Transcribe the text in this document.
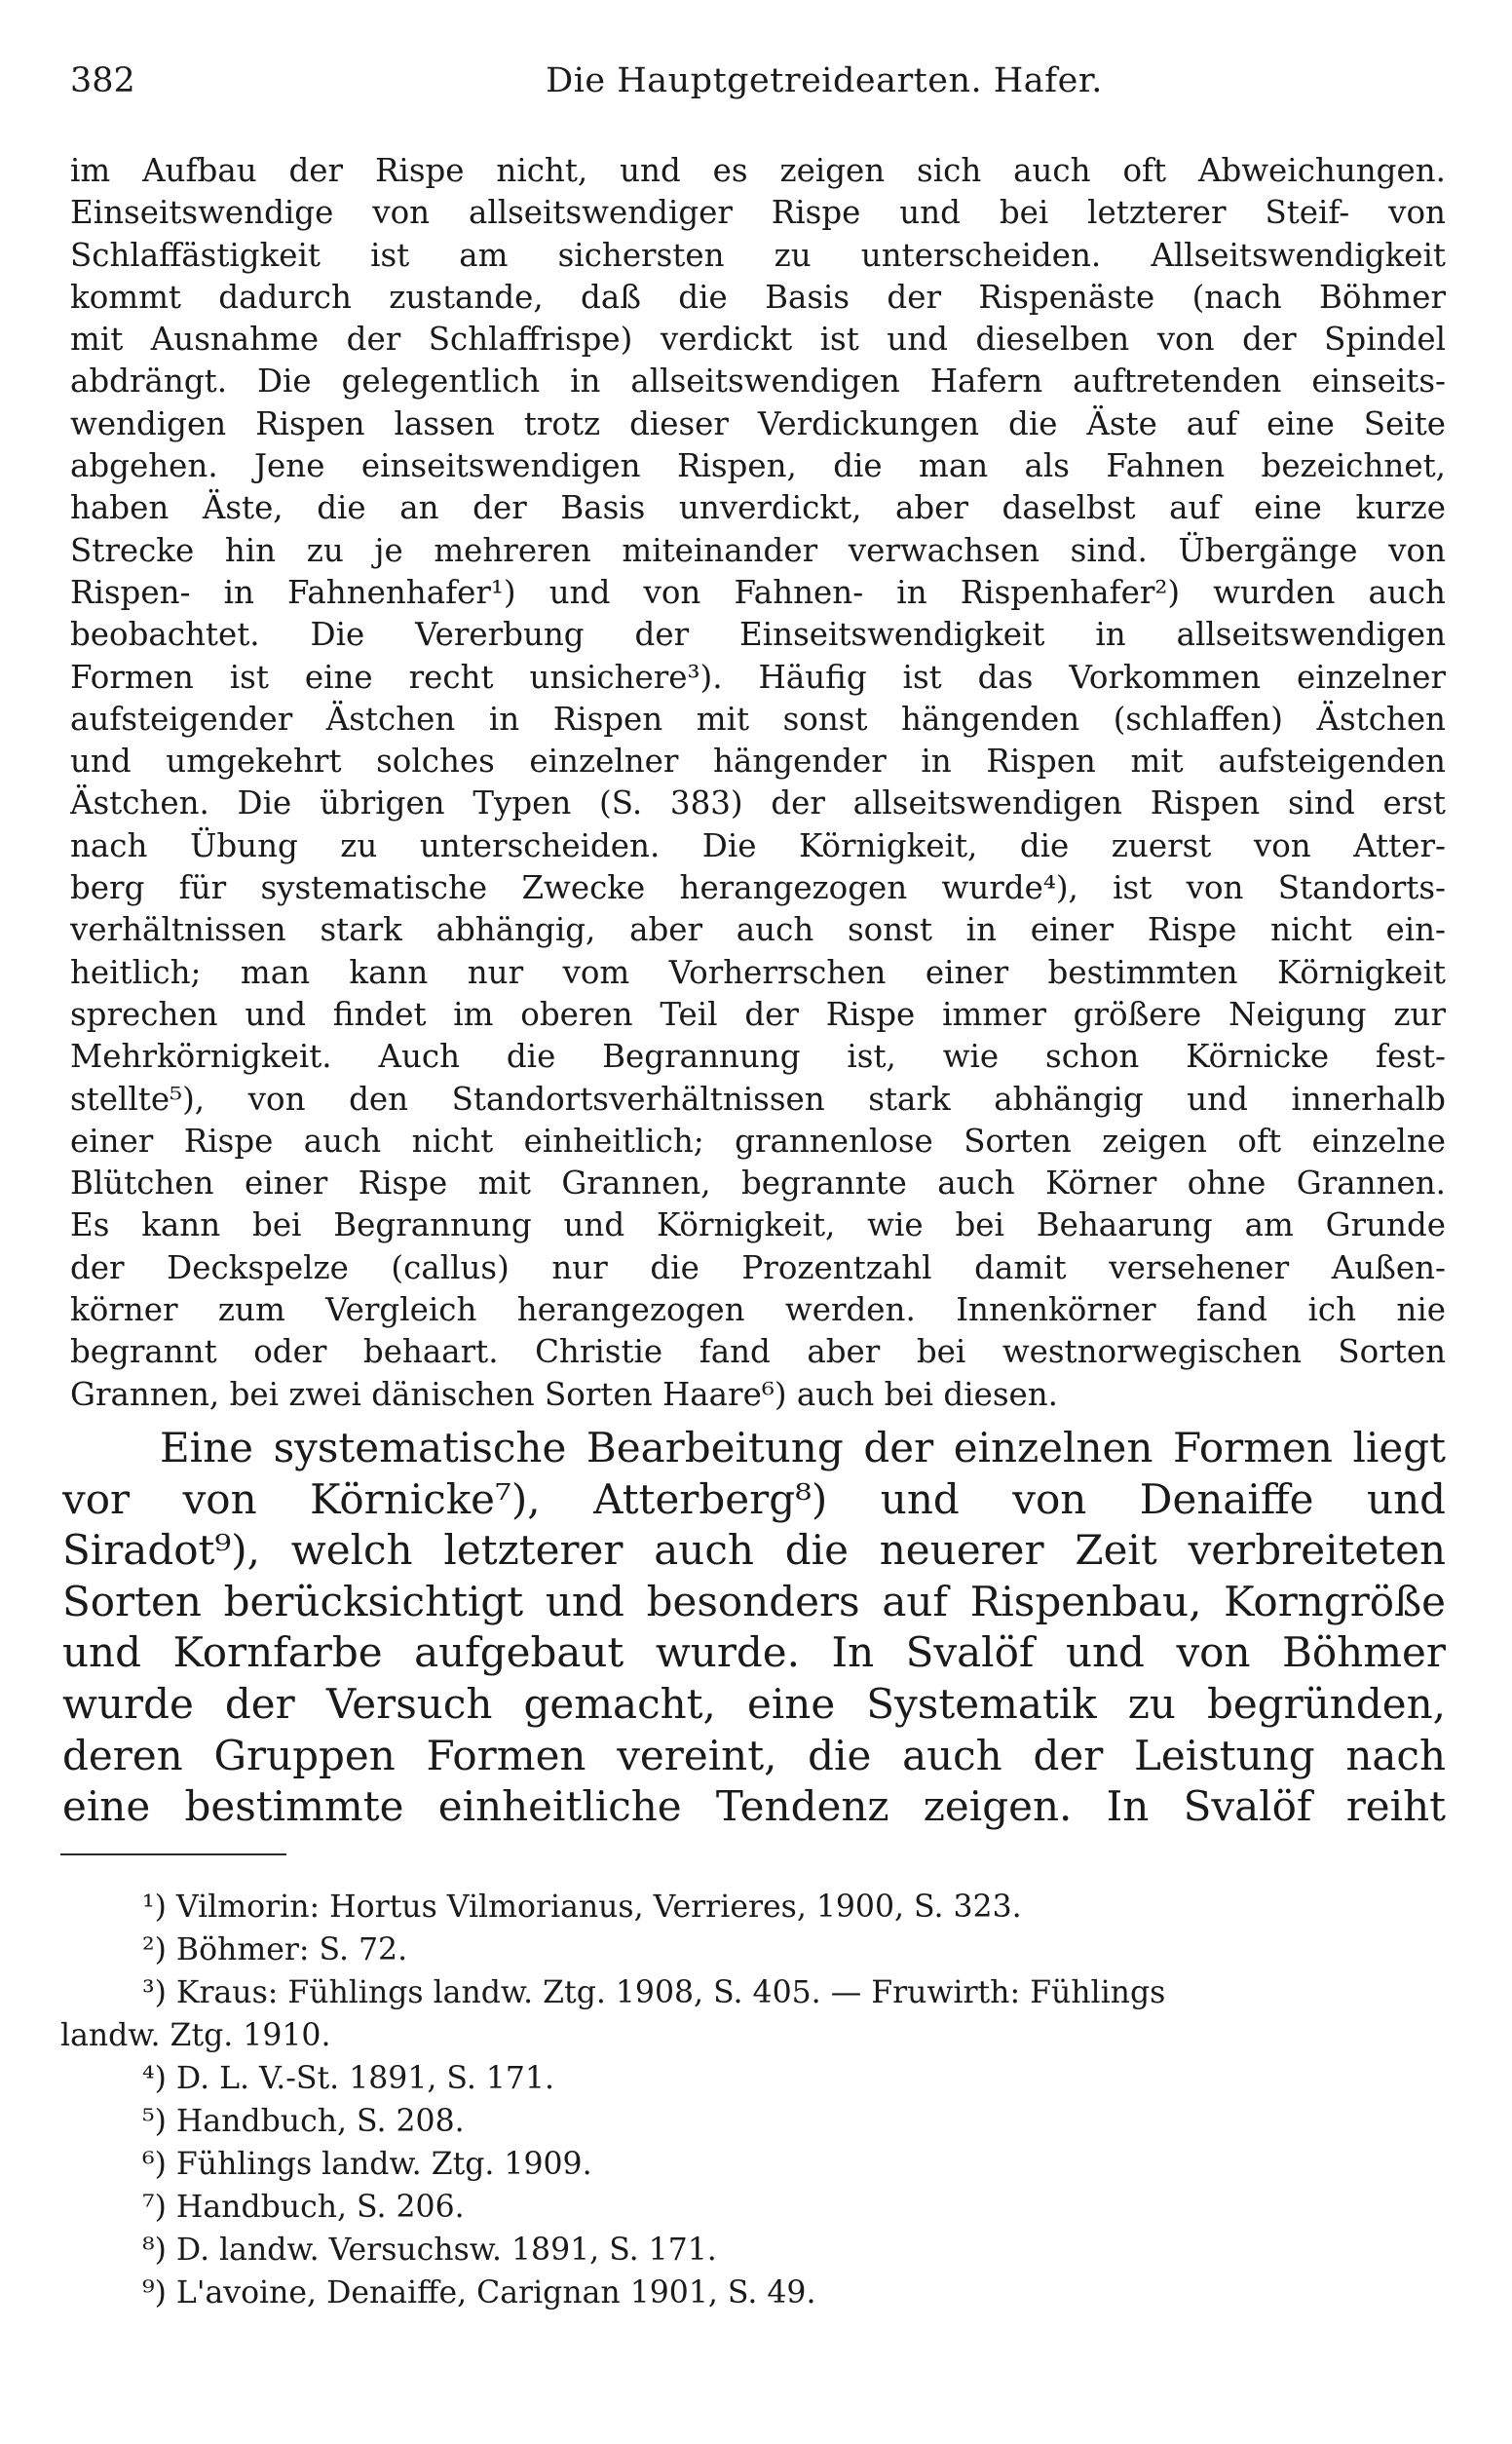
382	Die Hauptgetreidearten. Hafer.
im Aufbau der Rispe nicht, und es zeigen sich auch oft Abweichungen.
Einseitswendige von allseitswendiger Rispe und bei letzterer Steif- von
Schlaffästigkeit ist am sichersten zu unterscheiden. Allseitswendigkeit
kommt dadurch zustande, daß die Basis der Rispenäste (nach Böhmer
mit Ausnahme der Schlaffrispe) verdickt ist und dieselben von der Spindel
abdrängt. Die gelegentlich in allseitswendigen Hafern auftretenden einseits-
wendigen Rispen lassen trotz dieser Verdickungen die Äste auf eine Seite
abgehen. Jene einseitswendigen Rispen, die man als Fahnen bezeichnet,
haben Äste, die an der Basis unverdickt, aber daselbst auf eine kurze
Strecke hin zu je mehreren miteinander verwachsen sind. Übergänge von
Rispen- in Fahnenhafer¹) und von Fahnen- in Rispenhafer²) wurden auch
beobachtet. Die Vererbung der Einseitswendigkeit in allseitswendigen
Formen ist eine recht unsichere³). Häufig ist das Vorkommen einzelner
aufsteigender Ästchen in Rispen mit sonst hängenden (schlaffen) Ästchen
und umgekehrt solches einzelner hängender in Rispen mit aufsteigenden
Ästchen. Die übrigen Typen (S. 383) der allseitswendigen Rispen sind erst
nach Übung zu unterscheiden. Die Körnigkeit, die zuerst von Atter-
berg für systematische Zwecke herangezogen wurde⁴), ist von Standorts-
verhältnissen stark abhängig, aber auch sonst in einer Rispe nicht ein-
heitlich; man kann nur vom Vorherrschen einer bestimmten Körnigkeit
sprechen und findet im oberen Teil der Rispe immer größere Neigung zur
Mehrkörnigkeit. Auch die Begrannung ist, wie schon Körnicke fest-
stellte⁵), von den Standortsverhältnissen stark abhängig und innerhalb
einer Rispe auch nicht einheitlich; grannenlose Sorten zeigen oft einzelne
Blütchen einer Rispe mit Grannen, begrannte auch Körner ohne Grannen.
Es kann bei Begrannung und Körnigkeit, wie bei Behaarung am Grunde
der Deckspelze (callus) nur die Prozentzahl damit versehener Außen-
körner zum Vergleich herangezogen werden. Innenkörner fand ich nie
begrannt oder behaart. Christie fand aber bei westnorwegischen Sorten
Grannen, bei zwei dänischen Sorten Haare⁶) auch bei diesen.
Eine systematische Bearbeitung der einzelnen Formen liegt
vor von Körnicke⁷), Atterberg⁸) und von Denaiffe und
Siradot⁹), welch letzterer auch die neuerer Zeit verbreiteten
Sorten berücksichtigt und besonders auf Rispenbau, Korngröße
und Kornfarbe aufgebaut wurde. In Svalöf und von Böhmer
wurde der Versuch gemacht, eine Systematik zu begründen,
deren Gruppen Formen vereint, die auch der Leistung nach
eine bestimmte einheitliche Tendenz zeigen. In Svalöf reiht
¹) Vilmorin: Hortus Vilmorianus, Verrieres, 1900, S. 323.
²) Böhmer: S. 72.
³) Kraus: Fühlings landw. Ztg. 1908, S. 405. — Fruwirth: Fühlings
landw. Ztg. 1910.
⁴) D. L. V.-St. 1891, S. 171.
⁵) Handbuch, S. 208.
⁶) Fühlings landw. Ztg. 1909.
⁷) Handbuch, S. 206.
⁸) D. landw. Versuchsw. 1891, S. 171.
⁹) L'avoine, Denaiffe, Carignan 1901, S. 49.
